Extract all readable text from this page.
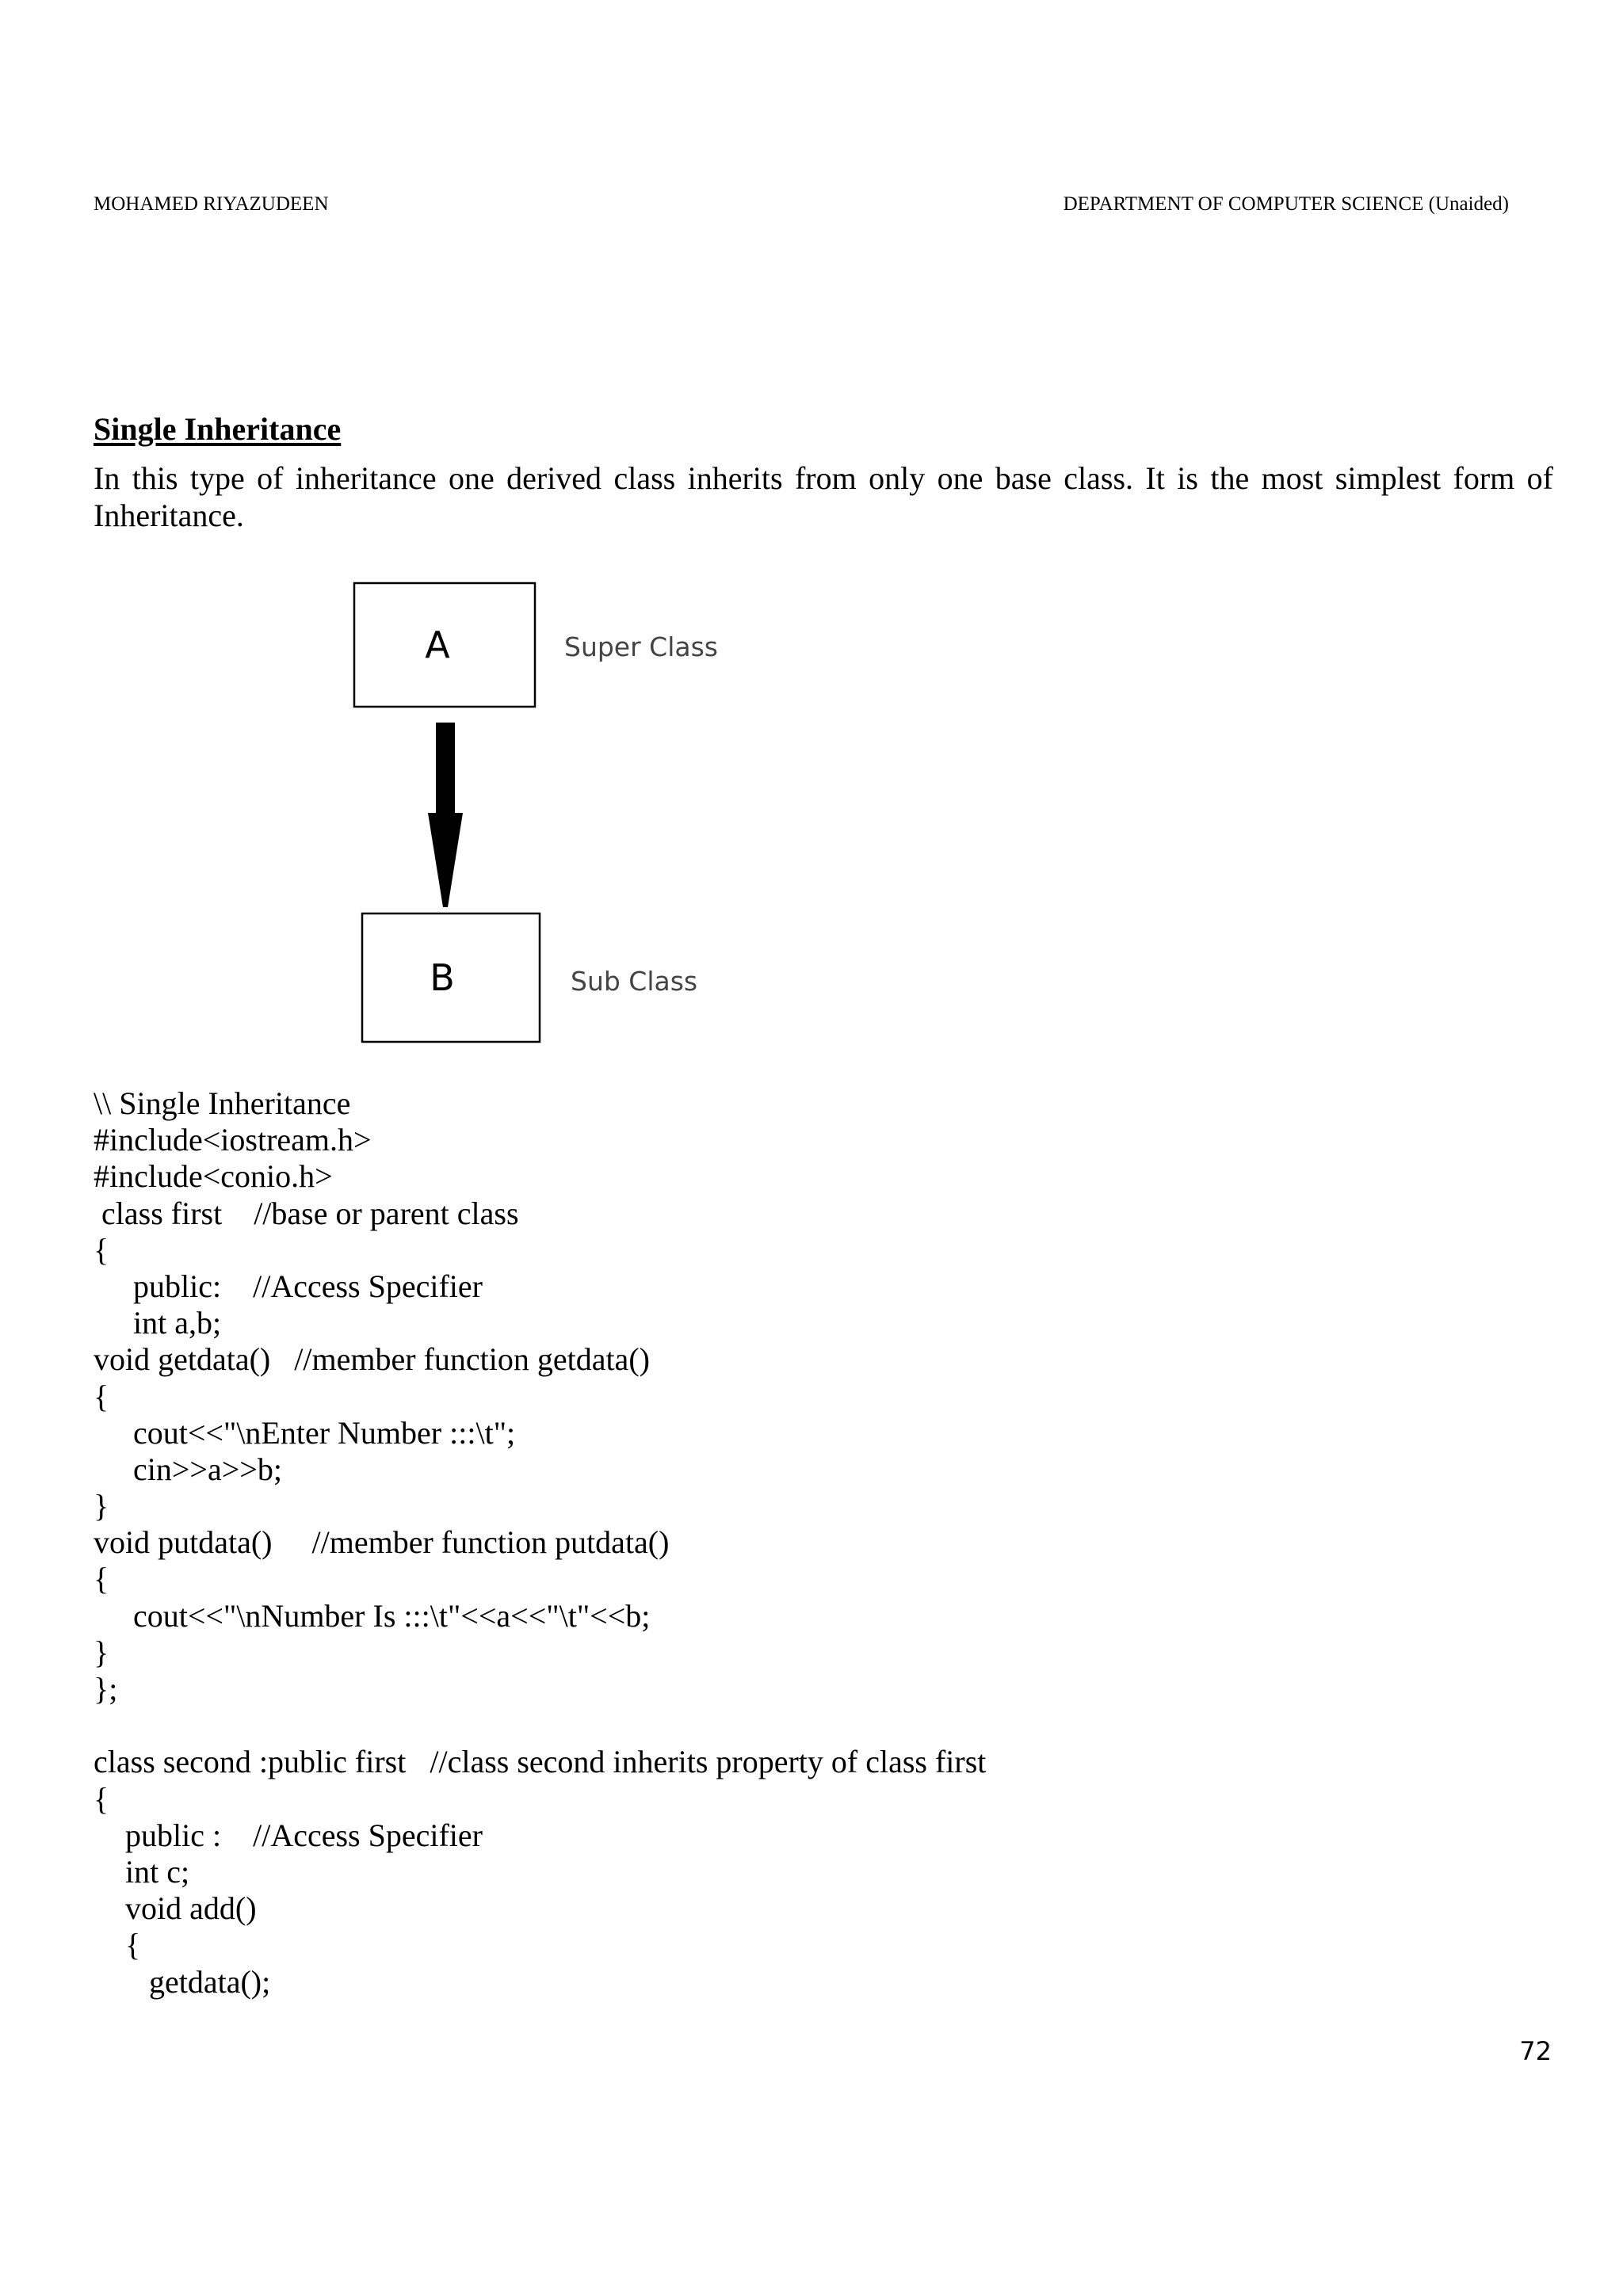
MOHAMED RIYAZUDEEN	DEPARTMENT OF COMPUTER SCIENCE (Unaided)
Single Inheritance

In this type of inheritance one derived class inherits from only one base class. It is the most simplest form of Inheritance.

A	Super Class
B	Sub Class
\\ Single Inheritance
#include<iostream.h>
#include<conio.h>
class first    //base or parent class
{
public:    //Access Specifier
int a,b;
void getdata()   //member function getdata()
{
cout<<"\nEnter Number :::\t";
cin>>a>>b;
}
void putdata()     //member function putdata()
{
cout<<"\nNumber Is :::\t"<<a<<"\t"<<b;
}
};
class second :public first   //class second inherits property of class first
{
public :    //Access Specifier
int c;
void add()
{
getdata();
72
